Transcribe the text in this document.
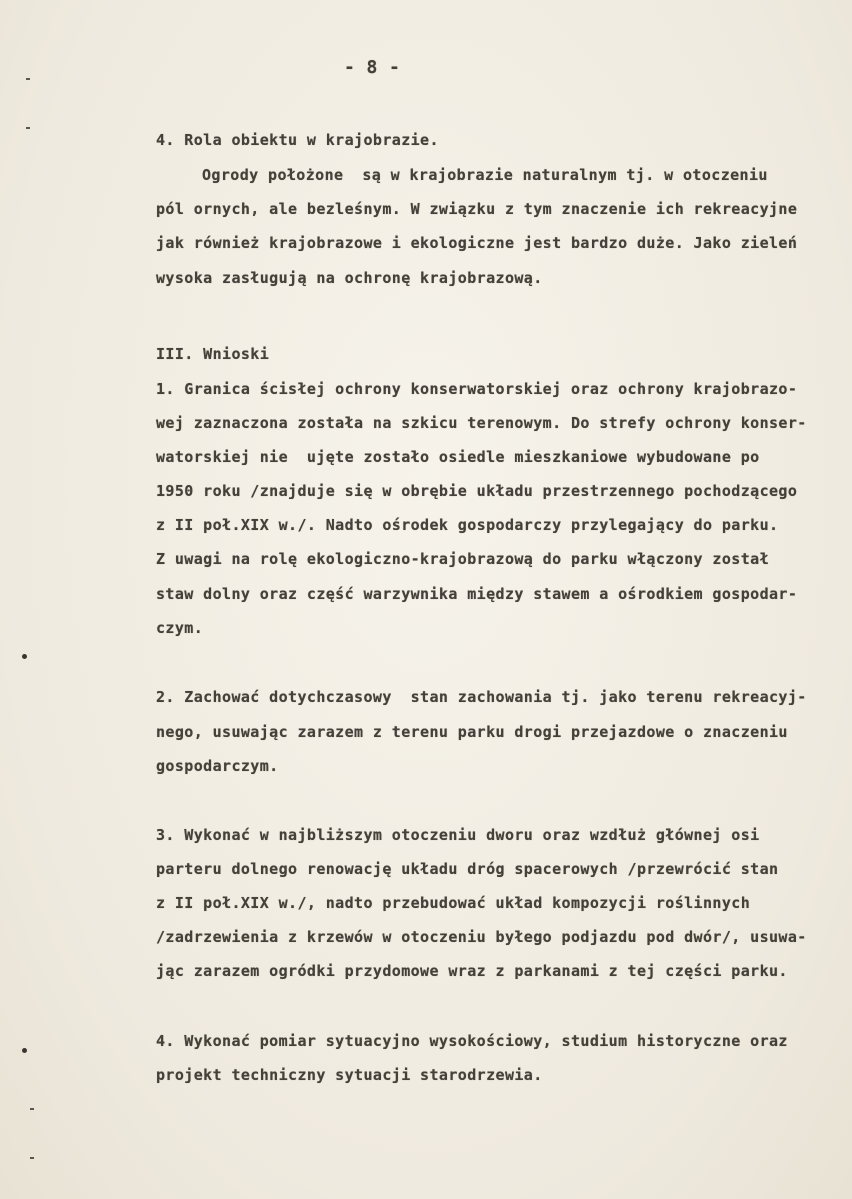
- 8 -
4. Rola obiektu w krajobrazie.
Ogrody położone  są w krajobrazie naturalnym tj. w otoczeniu
pól ornych, ale bezleśnym. W związku z tym znaczenie ich rekreacyjne
jak również krajobrazowe i ekologiczne jest bardzo duże. Jako zieleń
wysoka zasługują na ochronę krajobrazową.
III. Wnioski
1. Granica ścisłej ochrony konserwatorskiej oraz ochrony krajobrazo-
wej zaznaczona została na szkicu terenowym. Do strefy ochrony konser-
watorskiej nie  ujęte zostało osiedle mieszkaniowe wybudowane po
1950 roku /znajduje się w obrębie układu przestrzennego pochodzącego
z II poł.XIX w./. Nadto ośrodek gospodarczy przylegający do parku.
Z uwagi na rolę ekologiczno-krajobrazową do parku włączony został
staw dolny oraz część warzywnika między stawem a ośrodkiem gospodar-
czym.
2. Zachować dotychczasowy  stan zachowania tj. jako terenu rekreacyj-
nego, usuwając zarazem z terenu parku drogi przejazdowe o znaczeniu
gospodarczym.
3. Wykonać w najbliższym otoczeniu dworu oraz wzdłuż głównej osi
parteru dolnego renowację układu dróg spacerowych /przewrócić stan
z II poł.XIX w./, nadto przebudować układ kompozycji roślinnych
/zadrzewienia z krzewów w otoczeniu byłego podjazdu pod dwór/, usuwa-
jąc zarazem ogródki przydomowe wraz z parkanami z tej części parku.
4. Wykonać pomiar sytuacyjno wysokościowy, studium historyczne oraz
projekt techniczny sytuacji starodrzewia.
